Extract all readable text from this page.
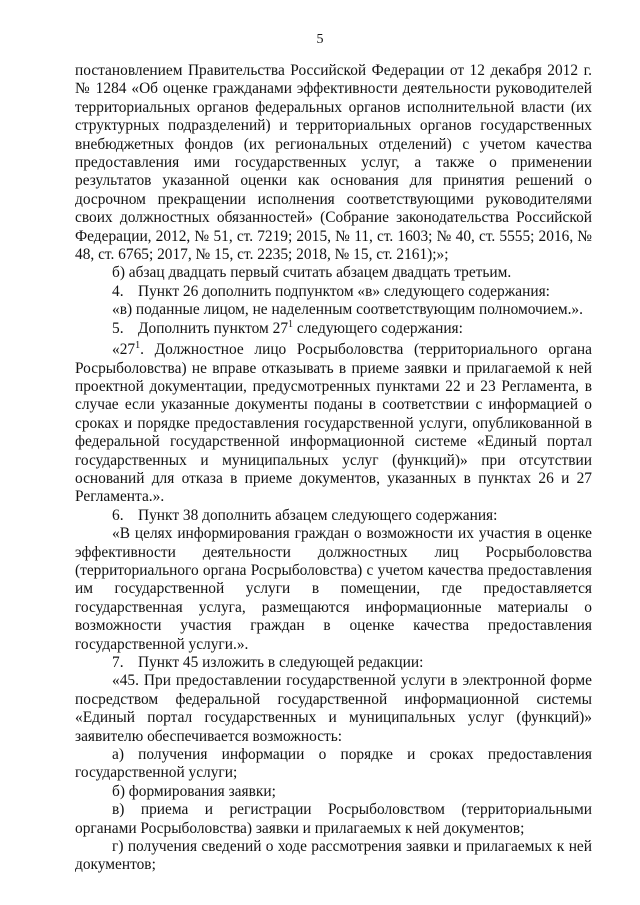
5

постановлением Правительства Российской Федерации от 12 декабря 2012 г. № 1284 «Об оценке гражданами эффективности деятельности руководителей территориальных органов федеральных органов исполнительной власти (их структурных подразделений) и территориальных органов государственных внебюджетных фондов (их региональных отделений) с учетом качества предоставления ими государственных услуг, а также о применении результатов указанной оценки как основания для принятия решений о досрочном прекращении исполнения соответствующими руководителями своих должностных обязанностей» (Собрание законодательства Российской Федерации, 2012, № 51, ст. 7219; 2015, № 11, ст. 1603; № 40, ст. 5555; 2016, № 48, ст. 6765; 2017, № 15, ст. 2235; 2018, № 15, ст. 2161);»;

б) абзац двадцать первый считать абзацем двадцать третьим.

4. Пункт 26 дополнить подпунктом «в» следующего содержания:

«в) поданные лицом, не наделенным соответствующим полномочием.».

5. Дополнить пунктом $27^1$ следующего содержания:

«$27^1$. Должностное лицо Росрыболовства (территориального органа Росрыболовства) не вправе отказывать в приеме заявки и прилагаемой к ней проектной документации, предусмотренных пунктами 22 и 23 Регламента, в случае если указанные документы поданы в соответствии с информацией о сроках и порядке предоставления государственной услуги, опубликованной в федеральной государственной информационной системе «Единый портал государственных и муниципальных услуг (функций)» при отсутствии оснований для отказа в приеме документов, указанных в пунктах 26 и 27 Регламента.».

6. Пункт 38 дополнить абзацем следующего содержания:

«В целях информирования граждан о возможности их участия в оценке эффективности деятельности должностных лиц Росрыболовства (территориального органа Росрыболовства) с учетом качества предоставления им государственной услуги в помещении, где предоставляется государственная услуга, размещаются информационные материалы о возможности участия граждан в оценке качества предоставления государственной услуги.».

7. Пункт 45 изложить в следующей редакции:

«45. При предоставлении государственной услуги в электронной форме посредством федеральной государственной информационной системы «Единый портал государственных и муниципальных услуг (функций)» заявителю обеспечивается возможность:

а) получения информации о порядке и сроках предоставления государственной услуги;

б) формирования заявки;

в) приема и регистрации Росрыболовством (территориальными органами Росрыболовства) заявки и прилагаемых к ней документов;

г) получения сведений о ходе рассмотрения заявки и прилагаемых к ней документов;
